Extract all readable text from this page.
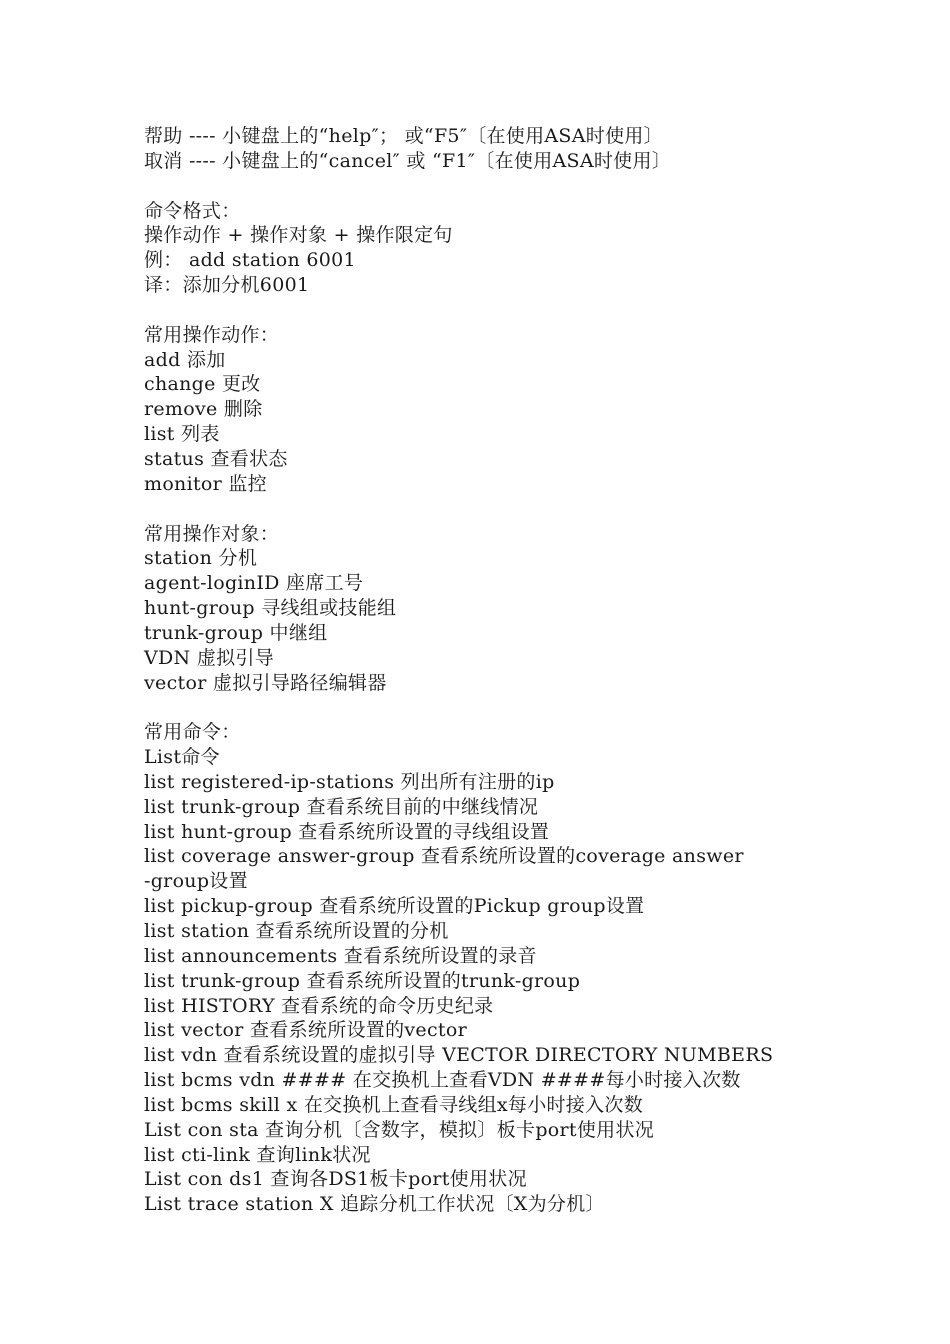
帮助 ---- 小键盘上的“help″； 或“F5″〔在使用ASA时使用〕
取消 ---- 小键盘上的“cancel″ 或 “F1″〔在使用ASA时使用〕
命令格式：
操作动作 + 操作对象 + 操作限定句
例： add station 6001
译：添加分机6001
常用操作动作：
add 添加
change 更改
remove 删除
list 列表
status 查看状态
monitor 监控
常用操作对象：
station 分机
agent-loginID 座席工号
hunt-group 寻线组或技能组
trunk-group 中继组
VDN 虚拟引导
vector 虚拟引导路径编辑器
常用命令：
List命令
list registered-ip-stations 列出所有注册的ip
list trunk-group 查看系统目前的中继线情况
list hunt-group 查看系统所设置的寻线组设置
list coverage answer-group 查看系统所设置的coverage answer
-group设置
list pickup-group 查看系统所设置的Pickup group设置
list station 查看系统所设置的分机
list announcements 查看系统所设置的录音
list trunk-group 查看系统所设置的trunk-group
list HISTORY 查看系统的命令历史纪录
list vector 查看系统所设置的vector
list vdn 查看系统设置的虚拟引导 VECTOR DIRECTORY NUMBERS
list bcms vdn #### 在交换机上查看VDN ####每小时接入次数
list bcms skill x 在交换机上查看寻线组x每小时接入次数
List con sta 查询分机〔含数字，模拟〕板卡port使用状况
list cti-link 查询link状况
List con ds1 查询各DS1板卡port使用状况
List trace station X 追踪分机工作状况〔X为分机〕
